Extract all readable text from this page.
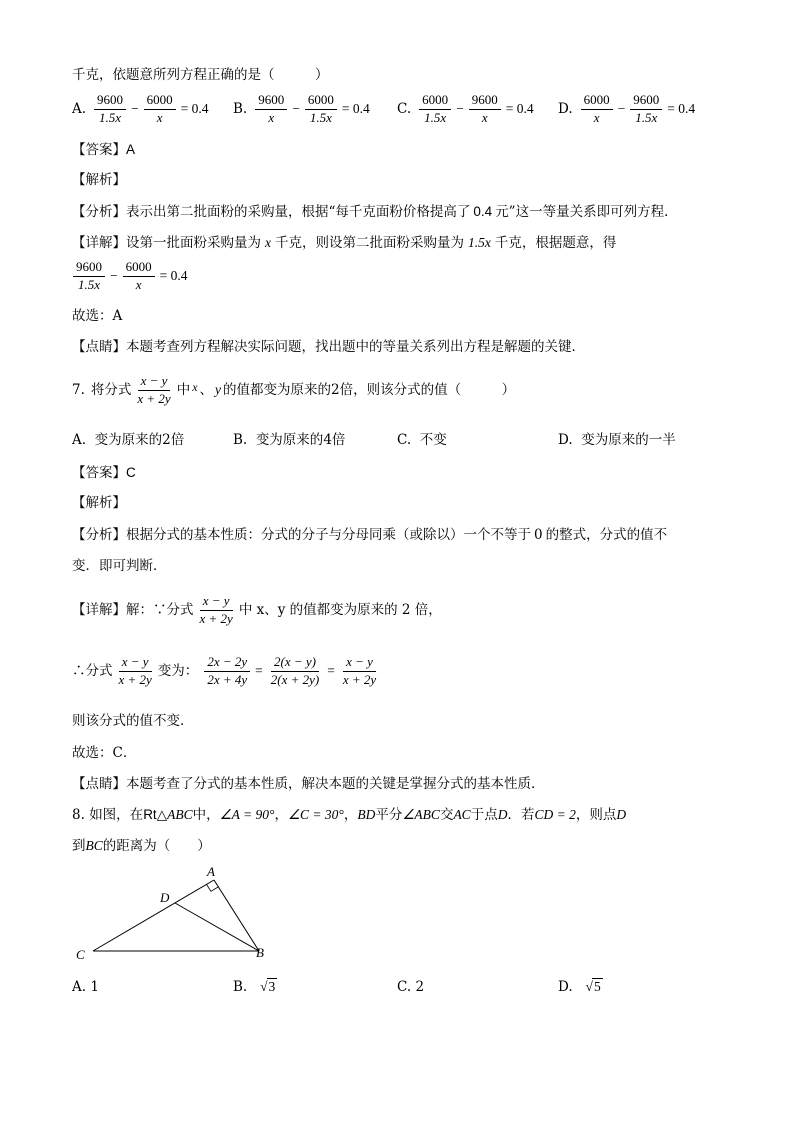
千克，依题意所列方程正确的是（　　　）
A. $\frac{9600}{1.5x} - \frac{6000}{x} = 0.4$ B. $\frac{9600}{x} - \frac{6000}{1.5x} = 0.4$ C. $\frac{6000}{1.5x} - \frac{9600}{x} = 0.4$ D. $\frac{6000}{x} - \frac{9600}{1.5x} = 0.4$
【答案】A
【解析】
【分析】表示出第二批面粉的采购量，根据“每千克面粉价格提高了 0.4 元”这一等量关系即可列方程．
【详解】设第一批面粉采购量为 x 千克，则设第二批面粉采购量为 1.5x 千克，根据题意，得
$\frac{9600}{1.5x} - \frac{6000}{x} = 0.4$
故选：A
【点睛】本题考查列方程解决实际问题，找出题中的等量关系列出方程是解题的关键．
7. 将分式 $\frac{x - y}{x + 2y}$ 中 x 、 y 的值都变为原来的 2 倍，则该分式的值（　　　）
A. 变为原来的2倍	B. 变为原来的4倍	C. 不变	D. 变为原来的一半
【答案】C
【解析】
【分析】根据分式的基本性质：分式的分子与分母同乘（或除以）一个不等于 0 的整式，分式的值不
变．即可判断．
【详解】 解：∵分式 $\frac{x - y}{x + 2y}$ 中 x、y 的值都变为原来的 2 倍，
∴分式 $\frac{x - y}{x + 2y}$ 变为： $\frac{2x - 2y}{2x + 4y} = \frac{2(x - y)}{2(x + 2y)} = \frac{x - y}{x + 2y}$
则该分式的值不变．
故选：C．
【点睛】本题考查了分式的基本性质，解决本题的关键是掌握分式的基本性质．
8. 如图，在Rt△ABC中，∠A = 90°，∠C = 30°，BD平分∠ABC交AC于点D．若CD = 2，则点D
到BC的距离为（　　）
A
D
C	B
A. 1	B. √3	C. 2	D. √5
